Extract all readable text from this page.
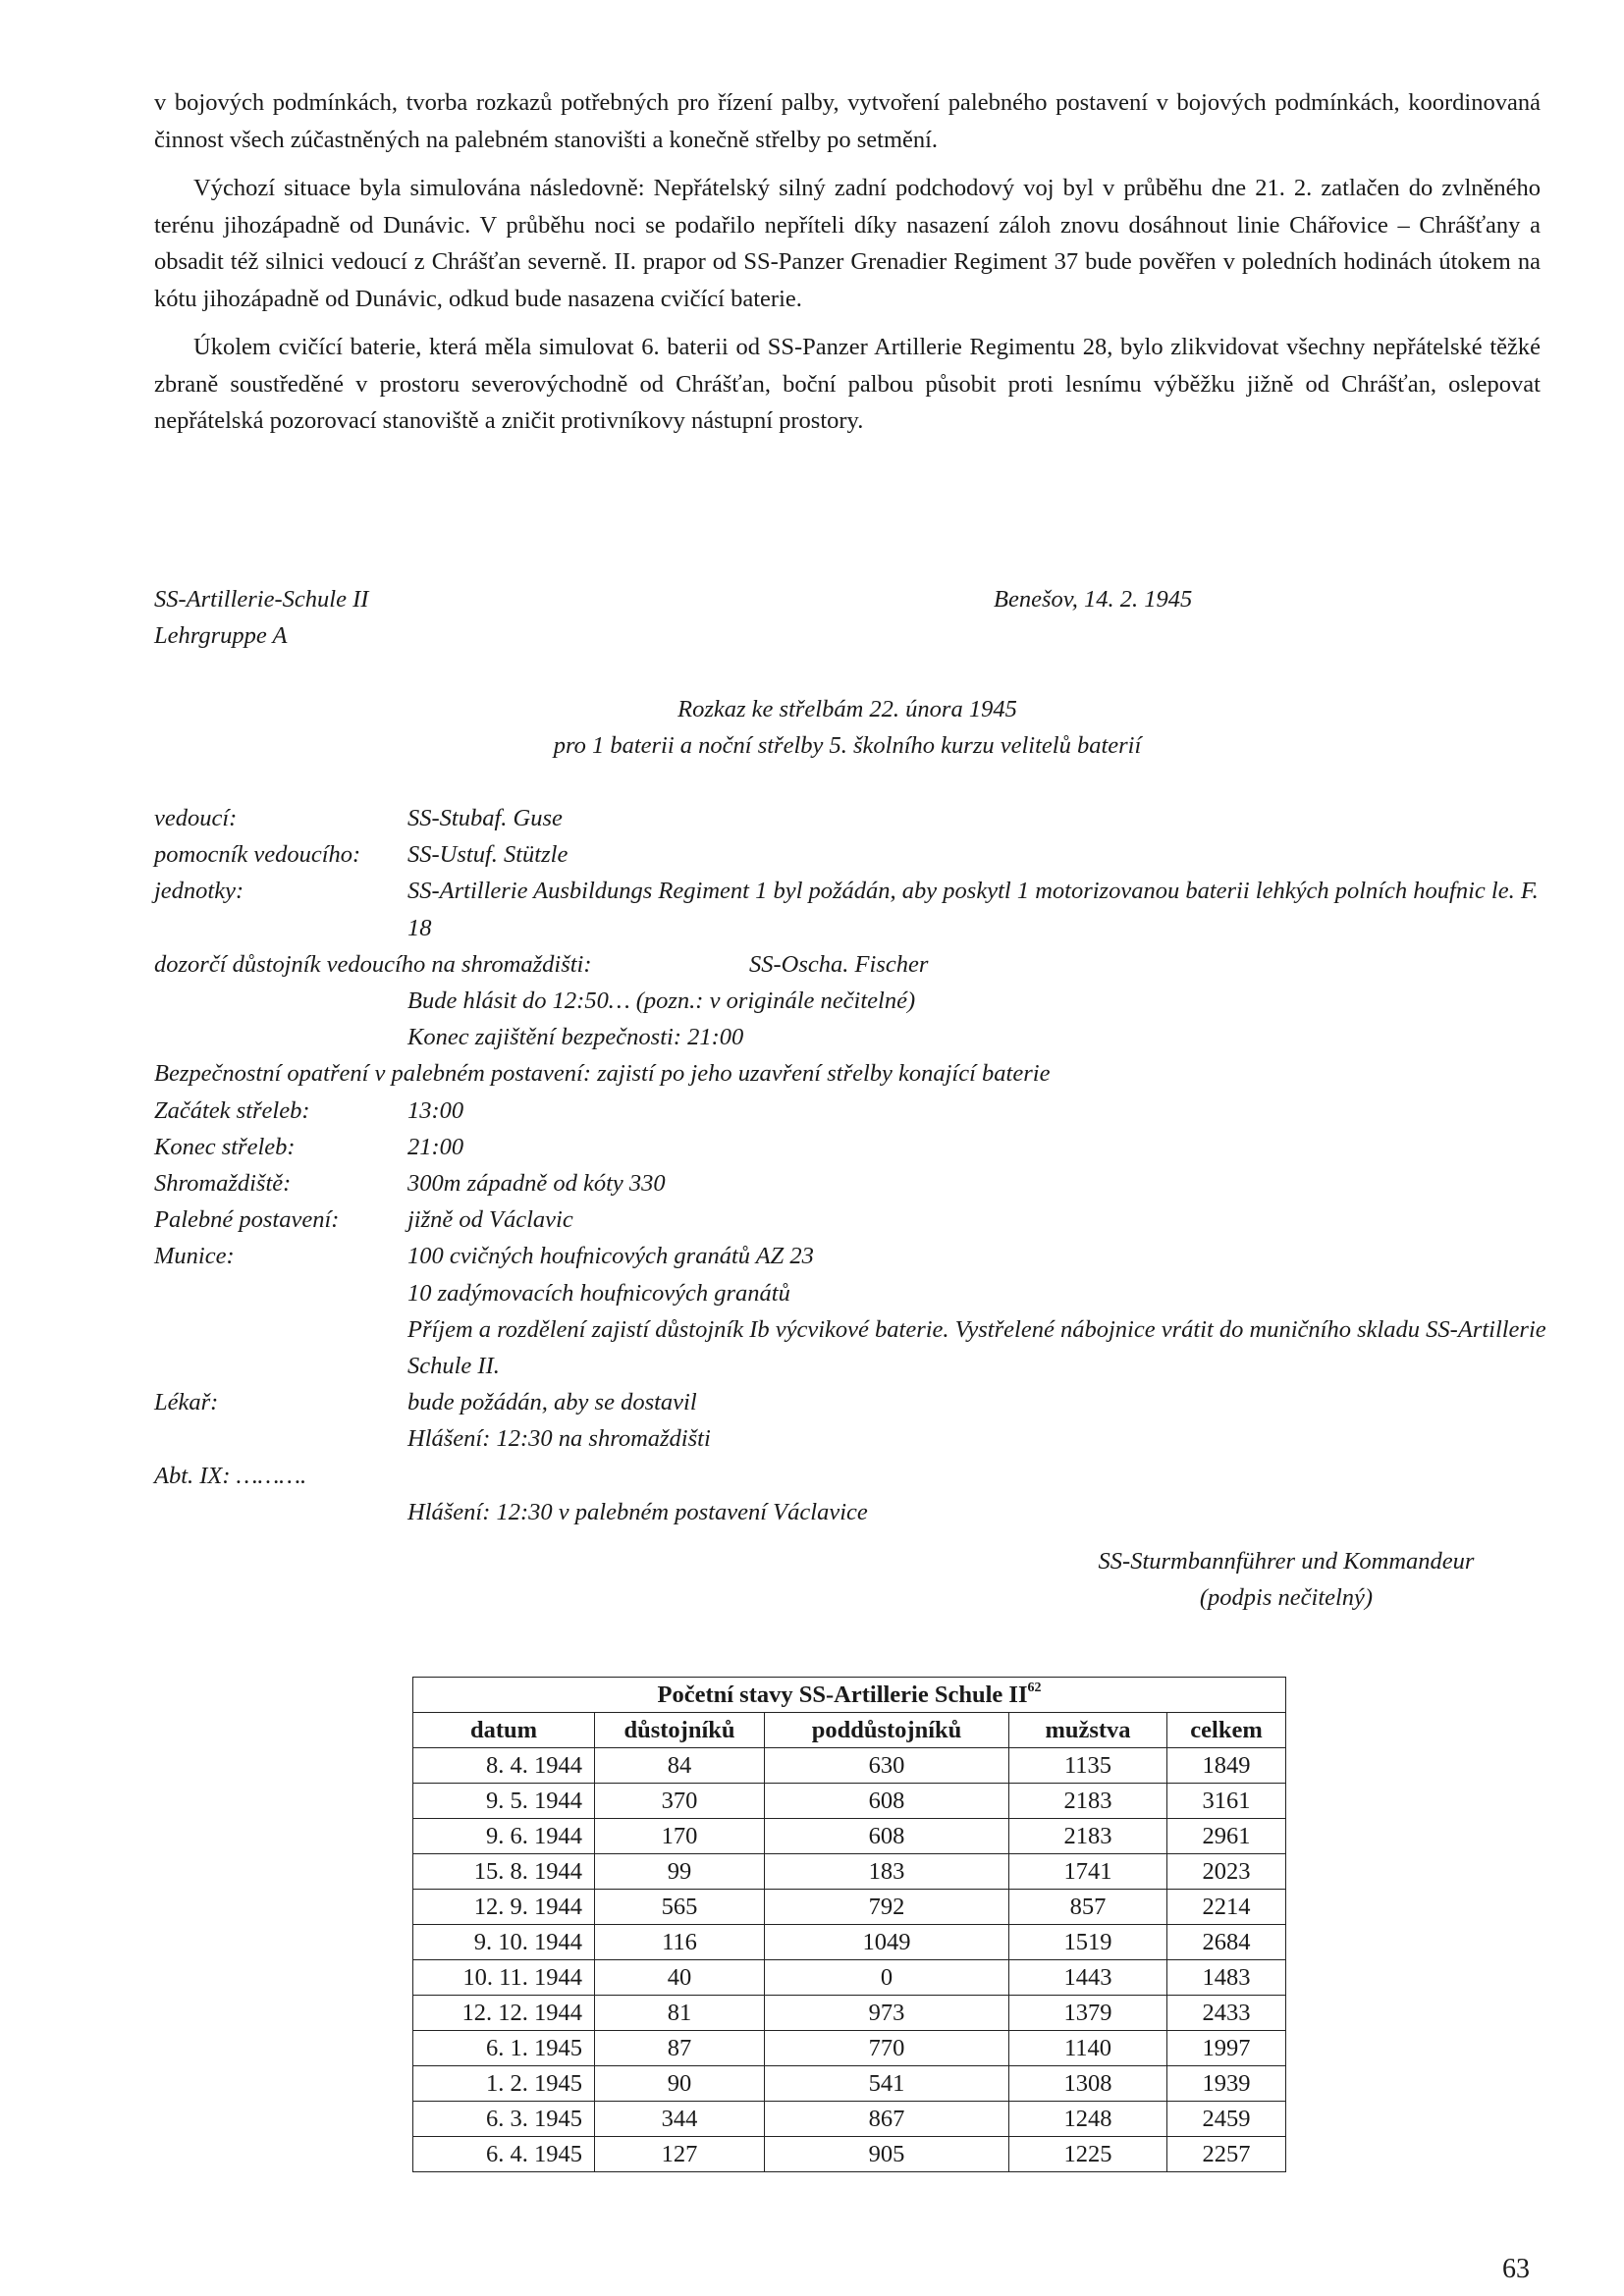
v bojových podmínkách, tvorba rozkazů potřebných pro řízení palby, vytvoření palebného postavení v bojových podmínkách, koordinovaná činnost všech zúčastněných na palebném stanovišti a konečně střelby po setmění.

Výchozí situace byla simulována následovně: Nepřátelský silný zadní podchodový voj byl v průběhu dne 21. 2. zatlačen do zvlněného terénu jihozápadně od Dunávic. V průběhu noci se podařilo nepříteli díky nasazení záloh znovu dosáhnout linie Chářovice – Chrášťany a obsadit též silnici vedoucí z Chrášťan severně. II. prapor od SS-Panzer Grenadier Regiment 37 bude pověřen v poledních hodinách útokem na kótu jihozápadně od Dunávic, odkud bude nasazena cvičící baterie.

Úkolem cvičící baterie, která měla simulovat 6. baterii od SS-Panzer Artillerie Regimentu 28, bylo zlikvidovat všechny nepřátelské těžké zbraně soustředěné v prostoru severovýchodně od Chrášťan, boční palbou působit proti lesnímu výběžku jižně od Chrášťan, oslepovat nepřátelská pozorovací stanoviště a zničit protivníkovy nástupní prostory.

SS-Artillerie-Schule II
Lehrgruppe A
Benešov, 14. 2. 1945
Rozkaz ke střelbám 22. února 1945
pro 1 baterii a noční střelby 5. školního kurzu velitelů baterií
vedoucí:	SS-Stubaf. Guse
pomocník vedoucího:	SS-Ustuf. Stützle
jednotky:	SS-Artillerie Ausbildungs Regiment 1 byl požádán, aby poskytl 1 motorizovanou baterii lehkých polních houfnic le. F. 18
dozorčí důstojník vedoucího na shromaždišti:	SS-Oscha. Fischer
Bude hlásit do 12:50… (pozn.: v originále nečitelné)
Konec zajištění bezpečnosti: 21:00
Bezpečnostní opatření v palebném postavení: zajistí po jeho uzavření střelby konající baterie
Začátek střeleb:	13:00
Konec střeleb:	21:00
Shromaždiště:	300m západně od kóty 330
Palebné postavení:	jižně od Václavic
Munice:	100 cvičných houfnicových granátů AZ 23
10 zadýmovacích houfnicových granátů
Příjem a rozdělení zajistí důstojník Ib výcvikové baterie. Vystřelené nábojnice vrátit do muničního skladu SS-Artillerie Schule II.
Lékař:	bude požádán, aby se dostavil
Hlášení: 12:30 na shromaždišti
Abt. IX: ……….
Hlášení: 12:30 v palebném postavení Václavice
SS-Sturmbannführer und Kommandeur
(podpis nečitelný)
Početní stavy SS-Artillerie Schule II$^{62}$
datum	důstojníků	poddůstojníků	mužstva	celkem
8. 4. 1944	84	630	1135	1849
9. 5. 1944	370	608	2183	3161
9. 6. 1944	170	608	2183	2961
15. 8. 1944	99	183	1741	2023
12. 9. 1944	565	792	857	2214
9. 10. 1944	116	1049	1519	2684
10. 11. 1944	40	0	1443	1483
12. 12. 1944	81	973	1379	2433
6. 1. 1945	87	770	1140	1997
1. 2. 1945	90	541	1308	1939
6. 3. 1945	344	867	1248	2459
6. 4. 1945	127	905	1225	2257
63
